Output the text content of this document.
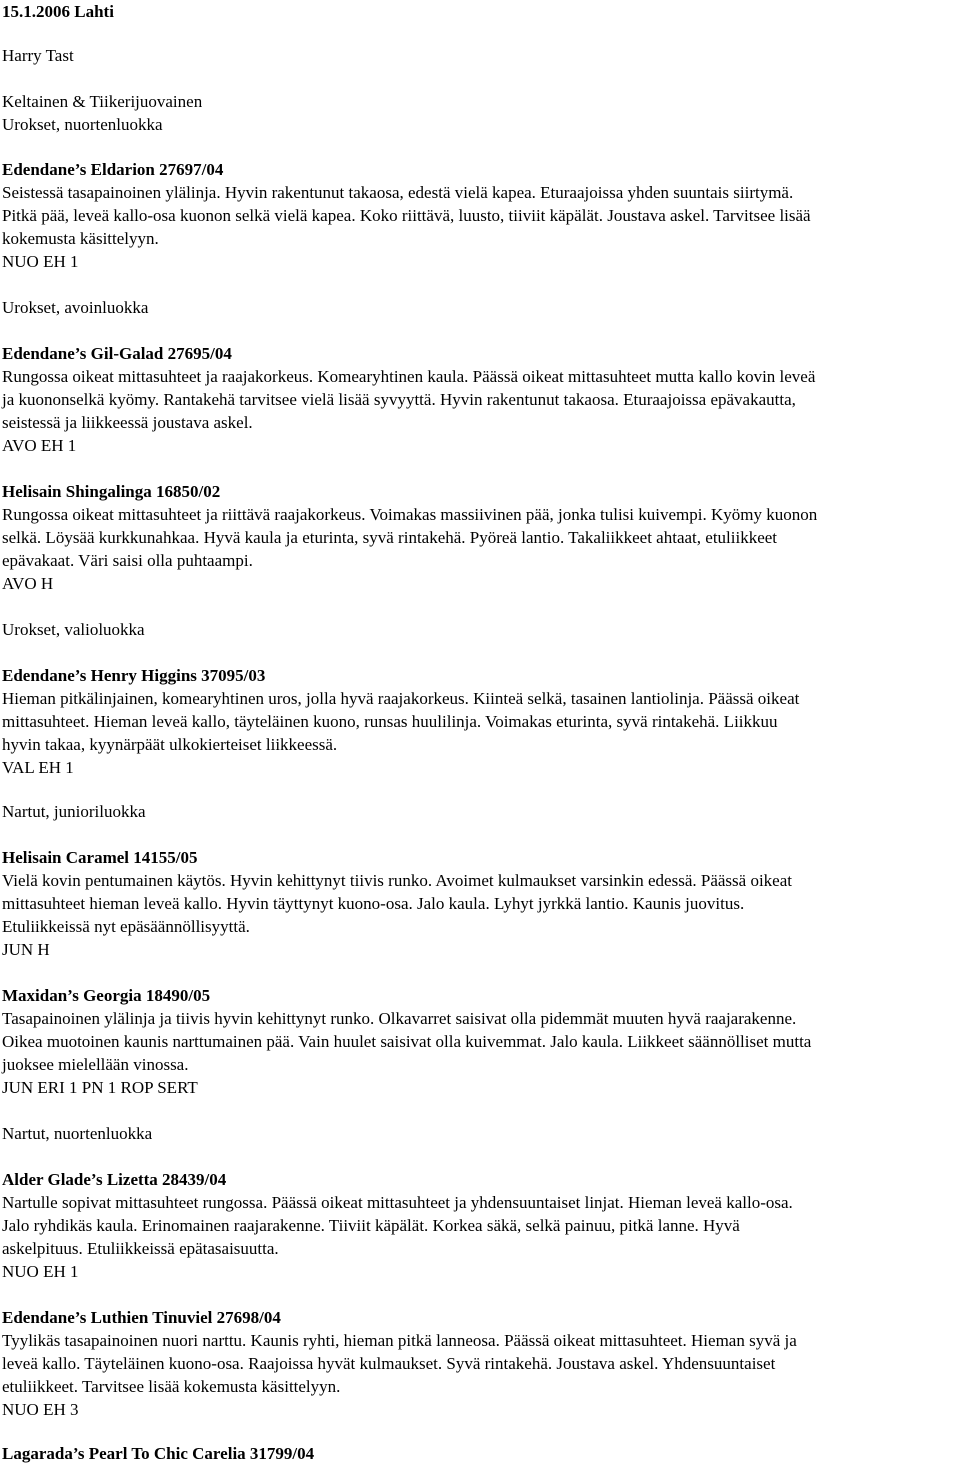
15.1.2006 Lahti
Harry Tast
Keltainen & Tiikerijuovainen
Urokset, nuortenluokka
Edendane’s Eldarion 27697/04
Seistessä tasapainoinen ylälinja. Hyvin rakentunut takaosa, edestä vielä kapea. Eturaajoissa yhden suuntais siirtymä.
Pitkä pää, leveä kallo-osa kuonon selkä vielä kapea. Koko riittävä, luusto, tiiviit käpälät. Joustava askel. Tarvitsee lisää
kokemusta käsittelyyn.
NUO EH 1
Urokset, avoinluokka
Edendane’s Gil-Galad 27695/04
Rungossa oikeat mittasuhteet ja raajakorkeus. Komearyhtinen kaula. Päässä oikeat mittasuhteet mutta kallo kovin leveä
ja kuononselkä kyömy. Rantakehä tarvitsee vielä lisää syvyyttä. Hyvin rakentunut takaosa. Eturaajoissa epävakautta,
seistessä ja liikkeessä joustava askel.
AVO EH 1
Helisain Shingalinga 16850/02
Rungossa oikeat mittasuhteet ja riittävä raajakorkeus. Voimakas massiivinen pää, jonka tulisi kuivempi. Kyömy kuonon
selkä. Löysää kurkkunahkaa. Hyvä kaula ja eturinta, syvä rintakehä. Pyöreä lantio. Takaliikkeet ahtaat, etuliikkeet
epävakaat. Väri saisi olla puhtaampi.
AVO H
Urokset, valioluokka
Edendane’s Henry Higgins 37095/03
Hieman pitkälinjainen, komearyhtinen uros, jolla hyvä raajakorkeus. Kiinteä selkä, tasainen lantiolinja. Päässä oikeat
mittasuhteet. Hieman leveä kallo, täyteläinen kuono, runsas huulilinja. Voimakas eturinta, syvä rintakehä. Liikkuu
hyvin takaa, kyynärpäät ulkokierteiset liikkeessä.
VAL EH 1
Nartut, junioriluokka
Helisain Caramel 14155/05
Vielä kovin pentumainen käytös. Hyvin kehittynyt tiivis runko. Avoimet kulmaukset varsinkin edessä. Päässä oikeat
mittasuhteet hieman leveä kallo. Hyvin täyttynyt kuono-osa. Jalo kaula. Lyhyt jyrkkä lantio. Kaunis juovitus.
Etuliikkeissä nyt epäsäännöllisyyttä.
JUN H
Maxidan’s Georgia 18490/05
Tasapainoinen ylälinja ja tiivis hyvin kehittynyt runko. Olkavarret saisivat olla pidemmät muuten hyvä raajarakenne.
Oikea muotoinen kaunis narttumainen pää. Vain huulet saisivat olla kuivemmat. Jalo kaula. Liikkeet säännölliset mutta
juoksee mielellään vinossa.
JUN ERI 1 PN 1 ROP SERT
Nartut, nuortenluokka
Alder Glade’s Lizetta 28439/04
Nartulle sopivat mittasuhteet rungossa. Päässä oikeat mittasuhteet ja yhdensuuntaiset linjat. Hieman leveä kallo-osa.
Jalo ryhdikäs kaula. Erinomainen raajarakenne. Tiiviit käpälät. Korkea säkä, selkä painuu, pitkä lanne. Hyvä
askelpituus. Etuliikkeissä epätasaisuutta.
NUO EH 1
Edendane’s Luthien Tinuviel 27698/04
Tyylikäs tasapainoinen nuori narttu. Kaunis ryhti, hieman pitkä lanneosa. Päässä oikeat mittasuhteet. Hieman syvä ja
leveä kallo. Täyteläinen kuono-osa. Raajoissa hyvät kulmaukset. Syvä rintakehä. Joustava askel. Yhdensuuntaiset
etuliikkeet. Tarvitsee lisää kokemusta käsittelyyn.
NUO EH 3
Lagarada’s Pearl To Chic Carelia 31799/04
